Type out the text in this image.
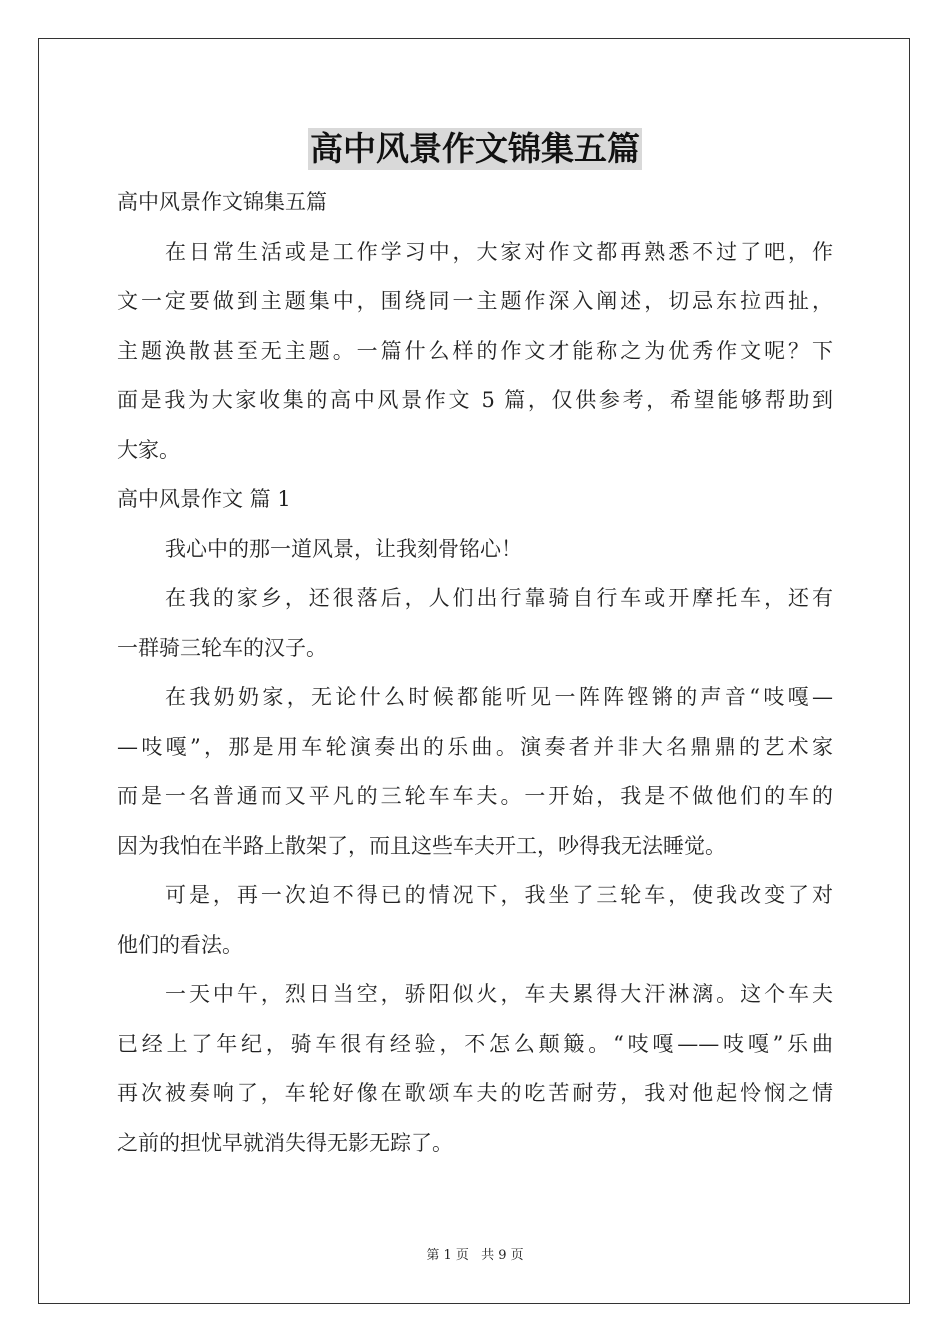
高中风景作文锦集五篇
高中风景作文锦集五篇
在日常生活或是工作学习中，大家对作文都再熟悉不过了吧，作
文一定要做到主题集中，围绕同一主题作深入阐述，切忌东拉西扯，
主题涣散甚至无主题。一篇什么样的作文才能称之为优秀作文呢？下
面是我为大家收集的高中风景作文 5 篇，仅供参考，希望能够帮助到
大家。
高中风景作文 篇 1
我心中的那一道风景，让我刻骨铭心！
在我的家乡，还很落后，人们出行靠骑自行车或开摩托车，还有
一群骑三轮车的汉子。
在我奶奶家，无论什么时候都能听见一阵阵铿锵的声音“吱嘎—
—吱嘎”，那是用车轮演奏出的乐曲。演奏者并非大名鼎鼎的艺术家
而是一名普通而又平凡的三轮车车夫。一开始，我是不做他们的车的
因为我怕在半路上散架了，而且这些车夫开工，吵得我无法睡觉。
可是，再一次迫不得已的情况下，我坐了三轮车，使我改变了对
他们的看法。
一天中午，烈日当空，骄阳似火，车夫累得大汗淋漓。这个车夫
已经上了年纪，骑车很有经验，不怎么颠簸。“吱嘎——吱嘎”乐曲
再次被奏响了，车轮好像在歌颂车夫的吃苦耐劳，我对他起怜悯之情
之前的担忧早就消失得无影无踪了。
第 1 页 共 9 页
